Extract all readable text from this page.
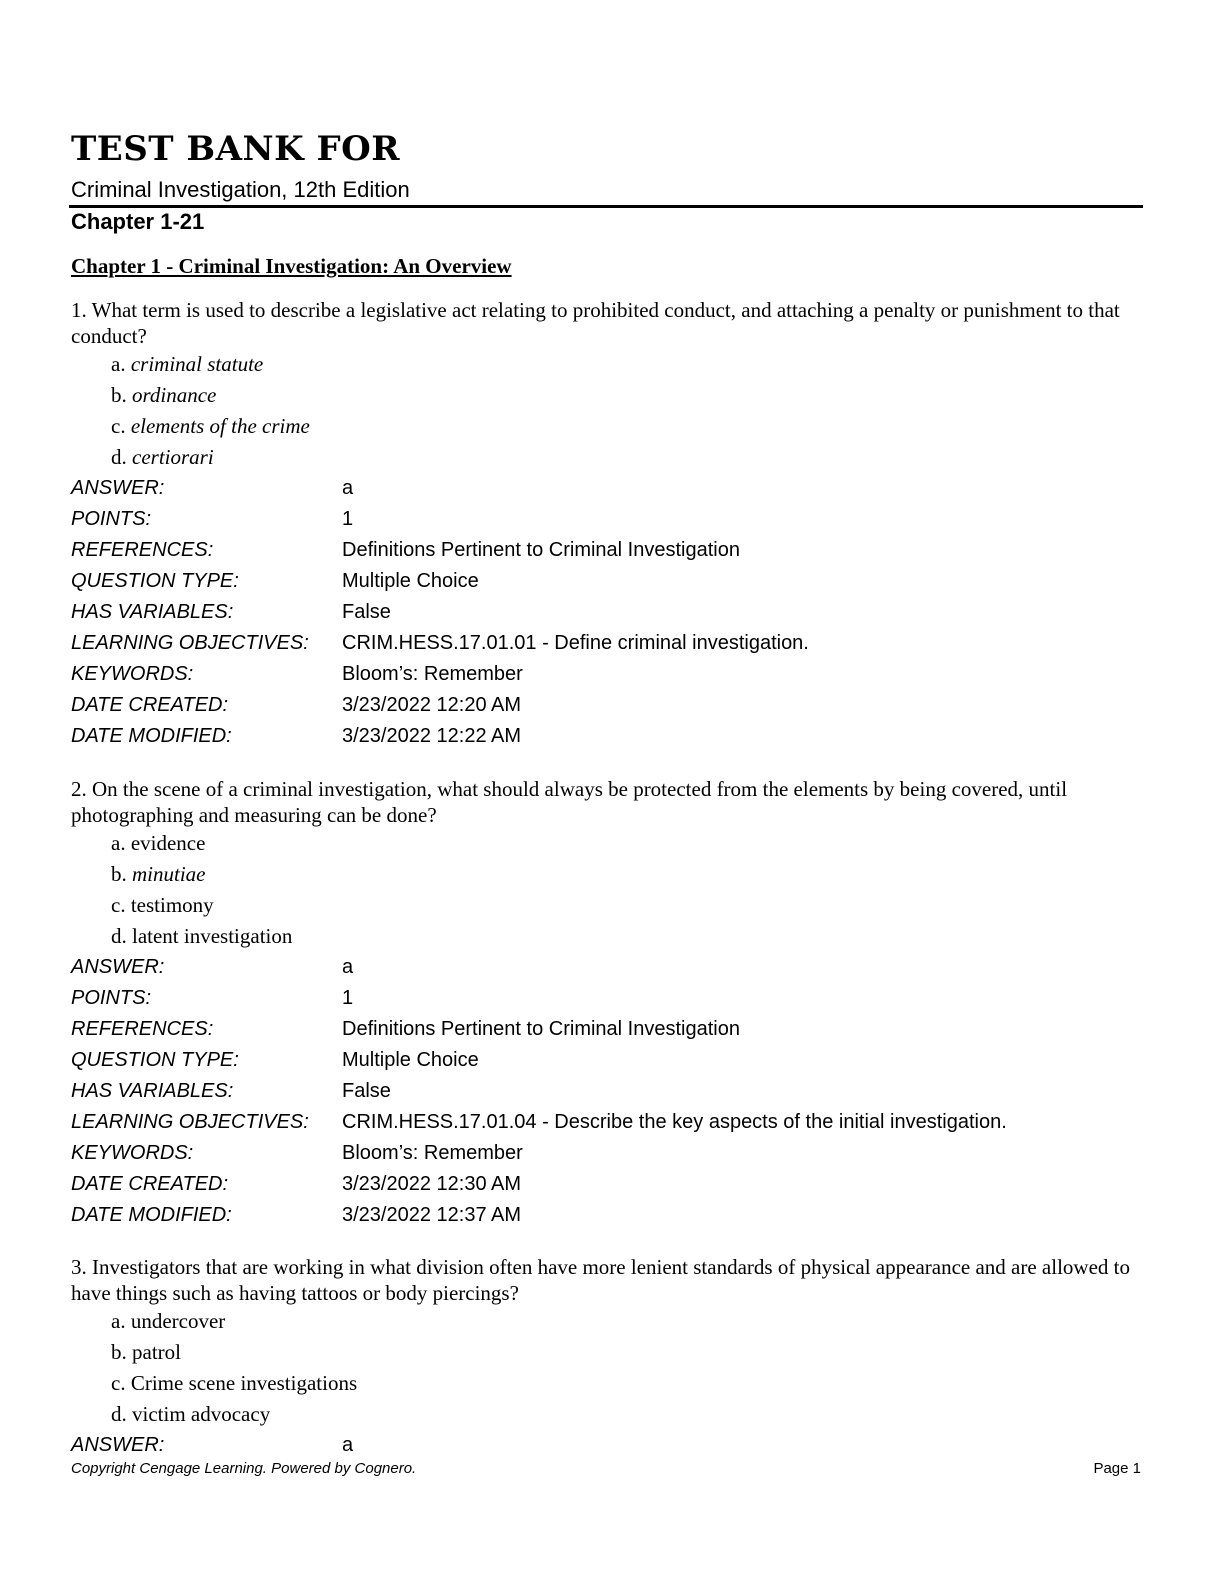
TEST BANK FOR
Criminal Investigation, 12th Edition
Chapter 1-21
Chapter 1 - Criminal Investigation: An Overview

1. What term is used to describe a legislative act relating to prohibited conduct, and attaching a penalty or punishment to that conduct?

a. criminal statute
b. ordinance
c. elements of the crime
d. certiorari
ANSWER:	a
POINTS:	1
REFERENCES:	Definitions Pertinent to Criminal Investigation
QUESTION TYPE:	Multiple Choice
HAS VARIABLES:	False
LEARNING OBJECTIVES: CRIM.HESS.17.01.01 - Define criminal investigation.
KEYWORDS:	Bloom’s: Remember
DATE CREATED:	3/23/2022 12:20 AM
DATE MODIFIED:	3/23/2022 12:22 AM

2. On the scene of a criminal investigation, what should always be protected from the elements by being covered, until photographing and measuring can be done?

a. evidence
b. minutiae
c. testimony
d. latent investigation
ANSWER:	a
POINTS:	1
REFERENCES:	Definitions Pertinent to Criminal Investigation
QUESTION TYPE:	Multiple Choice
HAS VARIABLES:	False
LEARNING OBJECTIVES: CRIM.HESS.17.01.04 - Describe the key aspects of the initial investigation.
KEYWORDS:	Bloom’s: Remember
DATE CREATED:	3/23/2022 12:30 AM
DATE MODIFIED:	3/23/2022 12:37 AM

3. Investigators that are working in what division often have more lenient standards of physical appearance and are allowed to have things such as having tattoos or body piercings?

a. undercover
b. patrol
c. Crime scene investigations
d. victim advocacy
ANSWER:	a
Copyright Cengage Learning. Powered by Cognero.	Page 1
